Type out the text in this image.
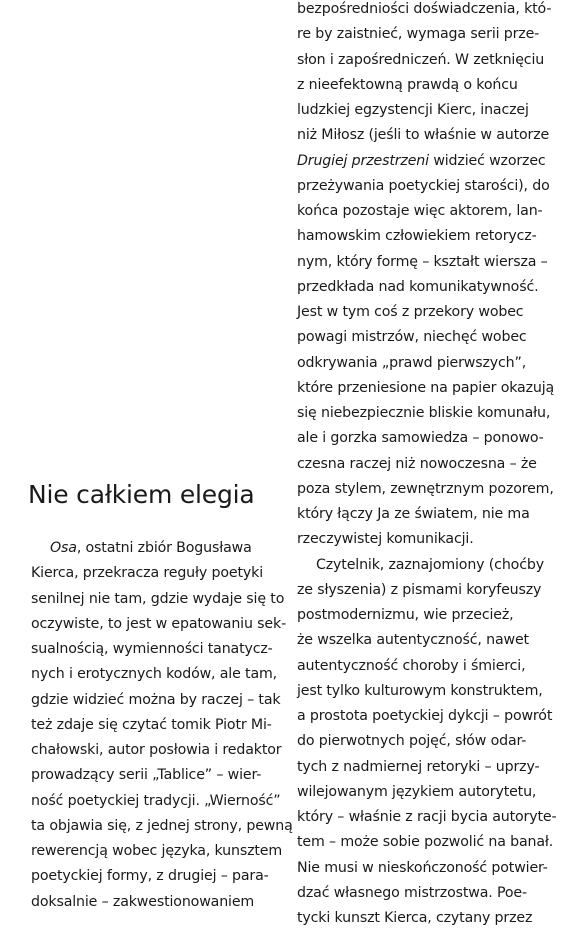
Nie całkiem elegia
Osa, ostatni zbiór Bogusława
Kierca, przekracza reguły poetyki
senilnej nie tam, gdzie wydaje się to
oczywiste, to jest w epatowaniu sek-
sualnością, wymienności tanatycz-
nych i erotycznych kodów, ale tam,
gdzie widzieć można by raczej – tak
też zdaje się czytać tomik Piotr Mi-
chałowski, autor posłowia i redaktor
prowadzący serii „Tablice” – wier-
ność poetyckiej tradycji. „Wierność”
ta objawia się, z jednej strony, pewną
rewerencją wobec języka, kunsztem
poetyckiej formy, z drugiej – para-
doksalnie – zakwestionowaniem
bezpośredniości doświadczenia, któ-
re by zaistnieć, wymaga serii prze-
słon i zapośredniczeń. W zetknięciu
z nieefektowną prawdą o końcu
ludzkiej egzystencji Kierc, inaczej
niż Miłosz (jeśli to właśnie w autorze
Drugiej przestrzeni widzieć wzorzec
przeżywania poetyckiej starości), do
końca pozostaje więc aktorem, lan-
hamowskim człowiekiem retorycz-
nym, który formę – kształt wiersza –
przedkłada nad komunikatywność.
Jest w tym coś z przekory wobec
powagi mistrzów, niechęć wobec
odkrywania „prawd pierwszych”,
które przeniesione na papier okazują
się niebezpiecznie bliskie komunału,
ale i gorzka samowiedza – ponowo-
czesna raczej niż nowoczesna – że
poza stylem, zewnętrznym pozorem,
który łączy Ja ze światem, nie ma
rzeczywistej komunikacji.
Czytelnik, zaznajomiony (choćby
ze słyszenia) z pismami koryfeuszy
postmodernizmu, wie przecież,
że wszelka autentyczność, nawet
autentyczność choroby i śmierci,
jest tylko kulturowym konstruktem,
a prostota poetyckiej dykcji – powrót
do pierwotnych pojęć, słów odar-
tych z nadmiernej retoryki – uprzy-
wilejowanym językiem autorytetu,
który – właśnie z racji bycia autoryte-
tem – może sobie pozwolić na banał.
Nie musi w nieskończoność potwier-
dzać własnego mistrzostwa. Poe-
tycki kunszt Kierca, czytany przez
